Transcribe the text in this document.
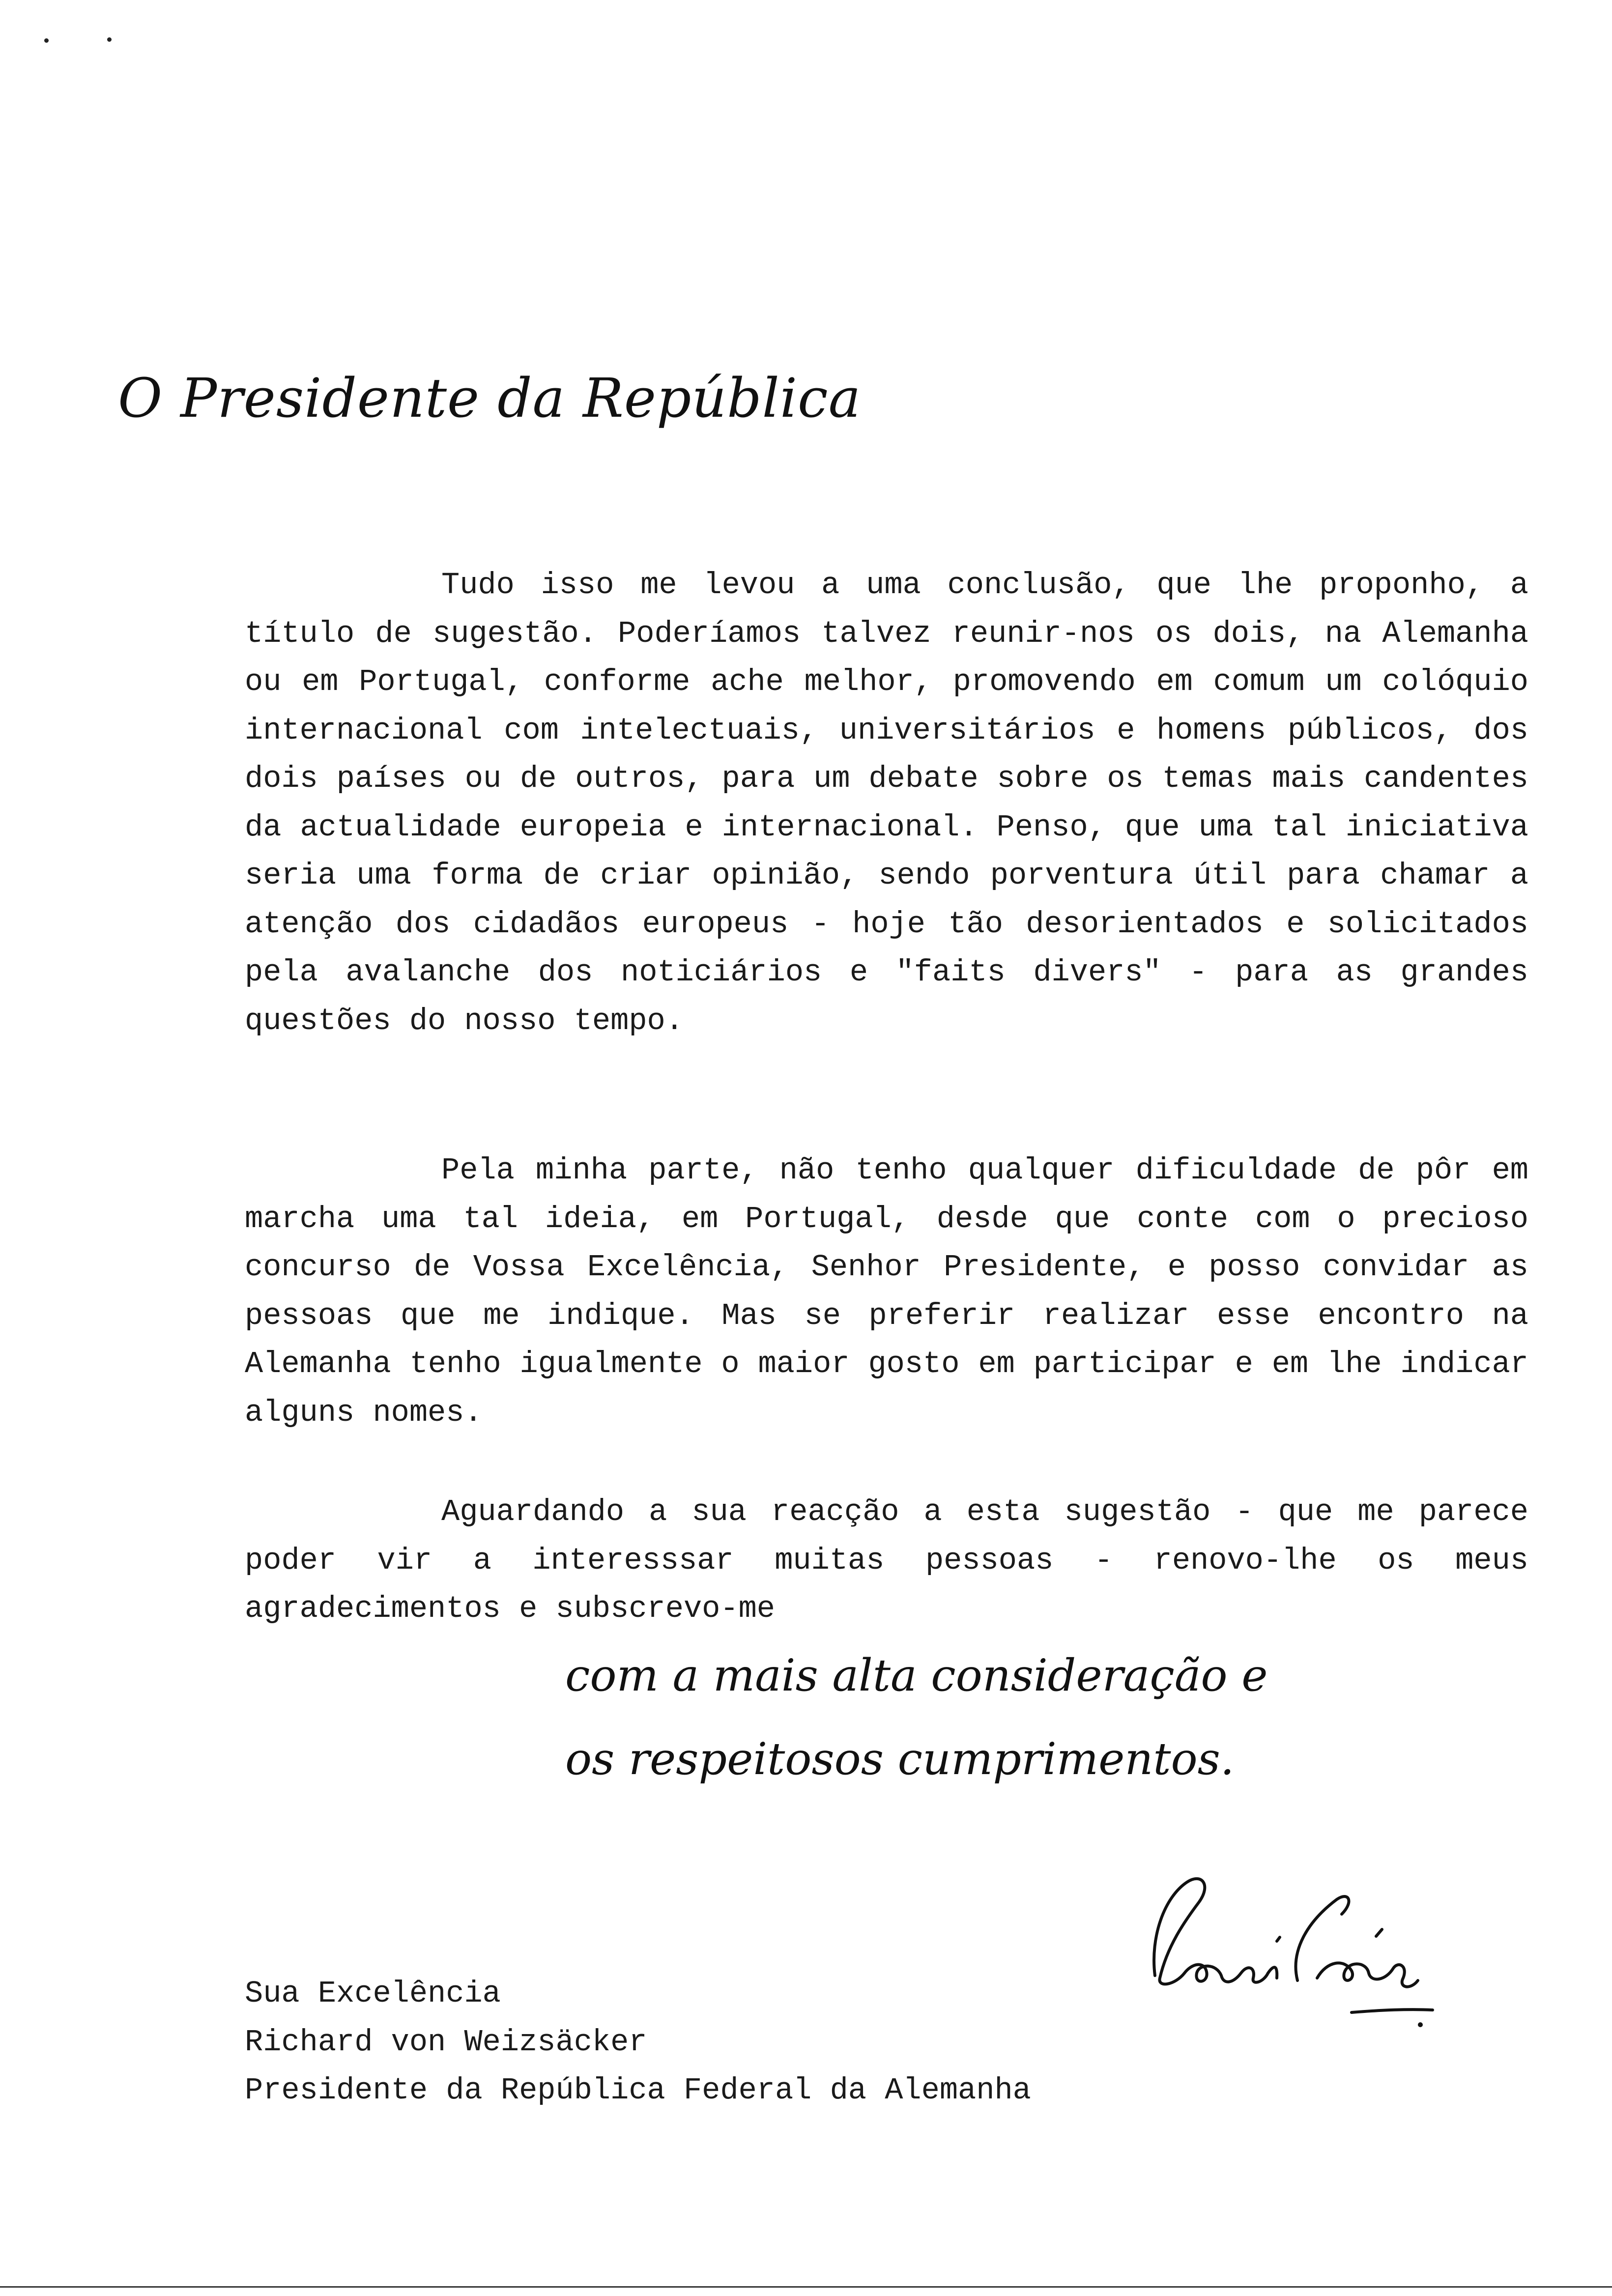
O Presidente da República

Tudo isso me levou a uma conclusão, que lhe proponho, a título de sugestão. Poderíamos talvez reunir-nos os dois, na Alemanha ou em Portugal, conforme ache melhor, promovendo em comum um colóquio internacional com intelectuais, universitários e homens públicos, dos dois países ou de outros, para um debate sobre os temas mais candentes da actualidade europeia e internacional. Penso, que uma tal iniciativa seria uma forma de criar opinião, sendo porventura útil para chamar a atenção dos cidadãos europeus - hoje tão desorientados e solicitados pela avalanche dos noticiários e "faits divers" - para as grandes questões do nosso tempo.

Pela minha parte, não tenho qualquer dificuldade de pôr em marcha uma tal ideia, em Portugal, desde que conte com o precioso concurso de Vossa Excelência, Senhor Presidente, e posso convidar as pessoas que me indique. Mas se preferir realizar esse encontro na Alemanha tenho igualmente o maior gosto em participar e em lhe indicar alguns nomes.

Aguardando a sua reacção a esta sugestão - que me parece poder vir a interesssar muitas pessoas - renovo-lhe os meus agradecimentos e subscrevo-me

com a mais alta consideração e
os respeitosos cumprimentos.
Sua Excelência
Richard von Weizsäcker
Presidente da República Federal da Alemanha
